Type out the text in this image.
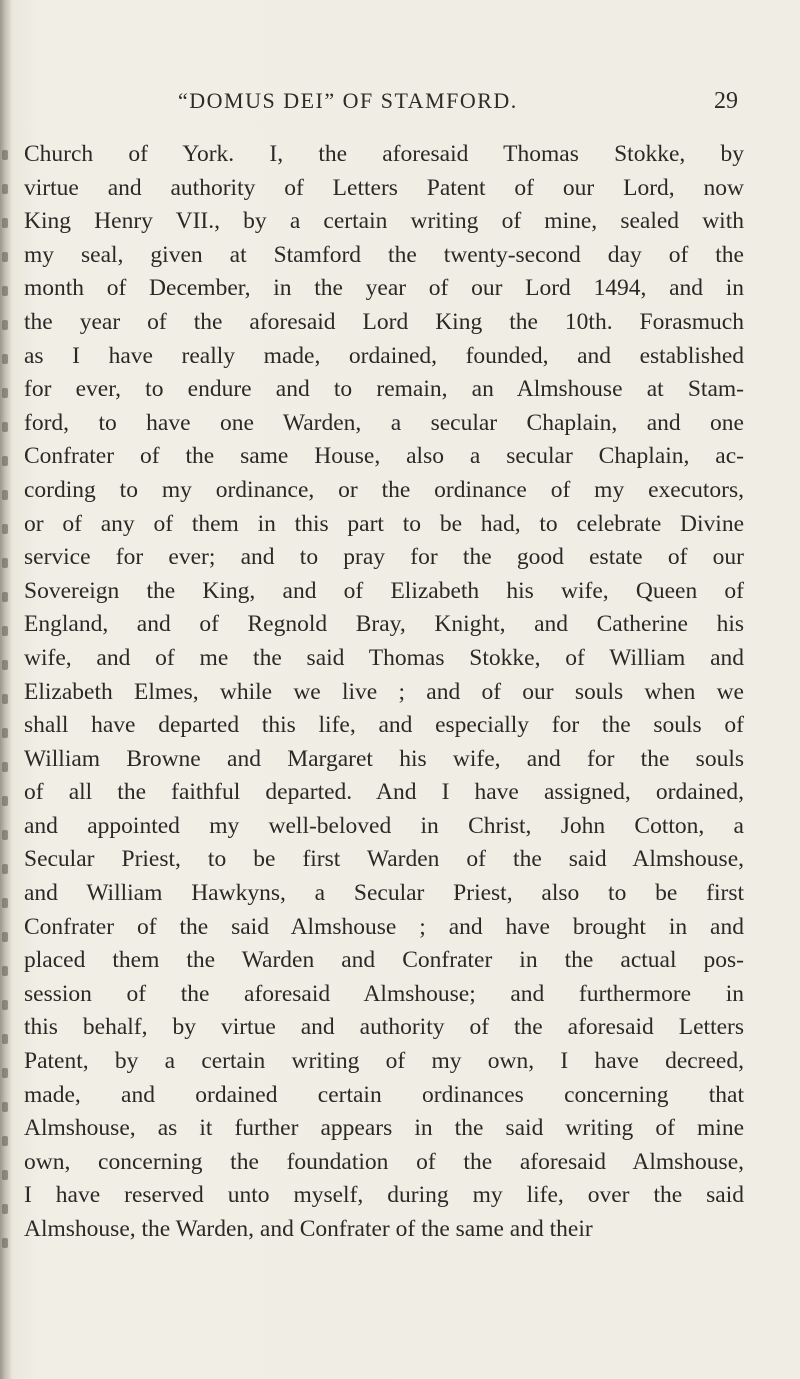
“DOMUS DEI” OF STAMFORD.	29
Church of York. I, the aforesaid Thomas Stokke, by
virtue and authority of Letters Patent of our Lord, now
King Henry VII., by a certain writing of mine, sealed with
my seal, given at Stamford the twenty-second day of the
month of December, in the year of our Lord 1494, and in
the year of the aforesaid Lord King the 10th. Forasmuch
as I have really made, ordained, founded, and established
for ever, to endure and to remain, an Almshouse at Stam-
ford, to have one Warden, a secular Chaplain, and one
Confrater of the same House, also a secular Chaplain, ac-
cording to my ordinance, or the ordinance of my executors,
or of any of them in this part to be had, to celebrate Divine
service for ever; and to pray for the good estate of our
Sovereign the King, and of Elizabeth his wife, Queen of
England, and of Regnold Bray, Knight, and Catherine his
wife, and of me the said Thomas Stokke, of William and
Elizabeth Elmes, while we live ; and of our souls when we
shall have departed this life, and especially for the souls of
William Browne and Margaret his wife, and for the souls
of all the faithful departed. And I have assigned, ordained,
and appointed my well-beloved in Christ, John Cotton, a
Secular Priest, to be first Warden of the said Almshouse,
and William Hawkyns, a Secular Priest, also to be first
Confrater of the said Almshouse ; and have brought in and
placed them the Warden and Confrater in the actual pos-
session of the aforesaid Almshouse; and furthermore in
this behalf, by virtue and authority of the aforesaid Letters
Patent, by a certain writing of my own, I have decreed,
made, and ordained certain ordinances concerning that
Almshouse, as it further appears in the said writing of mine
own, concerning the foundation of the aforesaid Almshouse,
I have reserved unto myself, during my life, over the said
Almshouse, the Warden, and Confrater of the same and their
